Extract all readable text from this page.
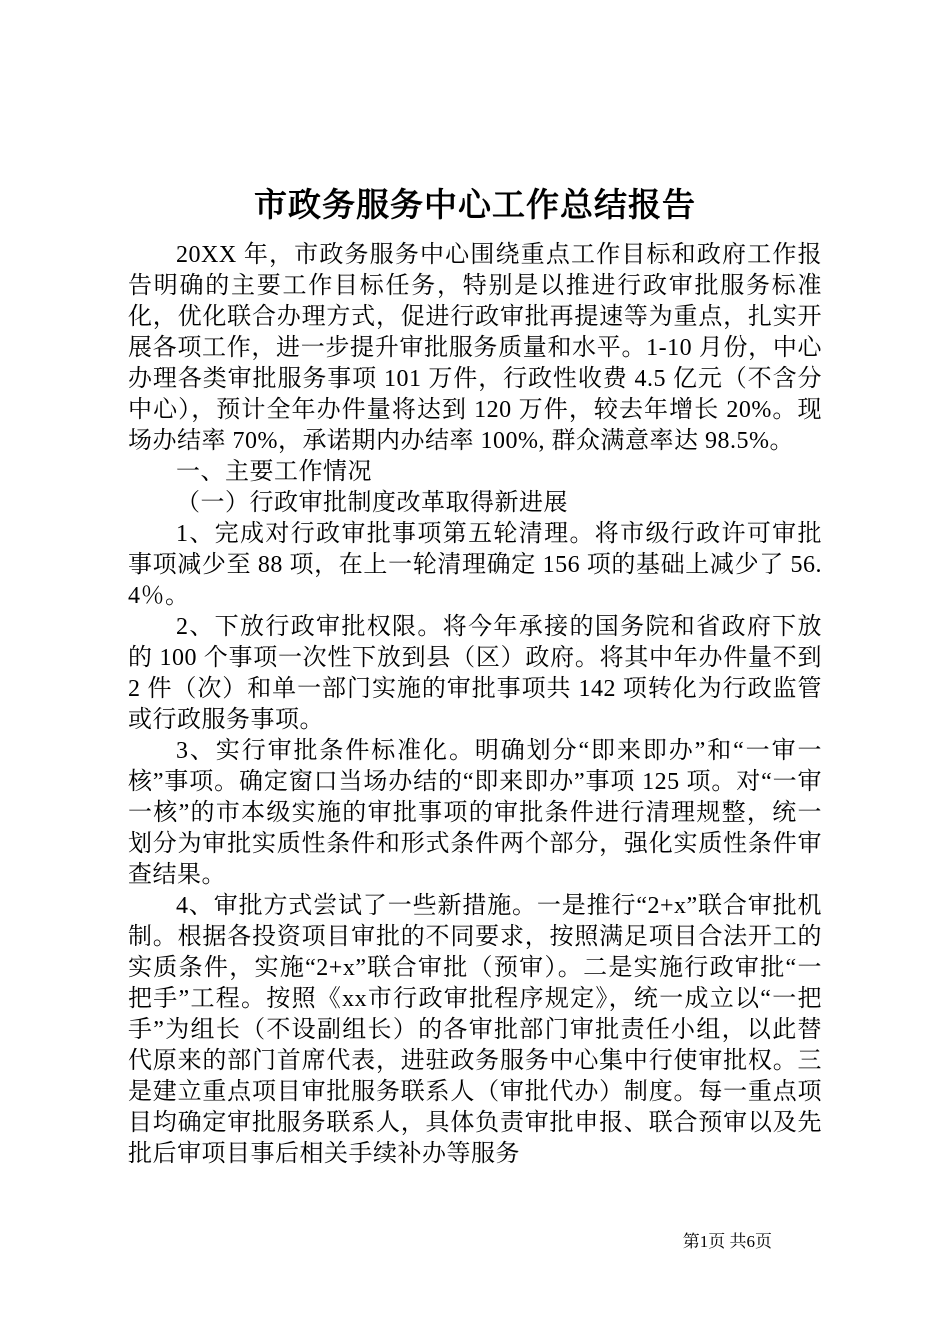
市政务服务中心工作总结报告

20XX 年，市政务服务中心围绕重点工作目标和政府工作报告明确的主要工作目标任务，特别是以推进行政审批服务标准化，优化联合办理方式，促进行政审批再提速等为重点，扎实开展各项工作，进一步提升审批服务质量和水平。1-10 月份，中心办理各类审批服务事项 101 万件，行政性收费 4.5 亿元（不含分中心），预计全年办件量将达到 120 万件，较去年增长 20%。现场办结率 70%，承诺期内办结率 100%, 群众满意率达 98.5%。

一、主要工作情况

（一）行政审批制度改革取得新进展

1、完成对行政审批事项第五轮清理。将市级行政许可审批事项减少至 88 项，在上一轮清理确定 156 项的基础上减少了 56.4％。

2、下放行政审批权限。将今年承接的国务院和省政府下放的 100 个事项一次性下放到县（区）政府。将其中年办件量不到 2 件（次）和单一部门实施的审批事项共 142 项转化为行政监管或行政服务事项。

3、实行审批条件标准化。明确划分“即来即办”和“一审一核”事项。确定窗口当场办结的“即来即办”事项 125 项。对“一审一核”的市本级实施的审批事项的审批条件进行清理规整，统一划分为审批实质性条件和形式条件两个部分，强化实质性条件审查结果。

4、审批方式尝试了一些新措施。一是推行“2+x”联合审批机制。根据各投资项目审批的不同要求，按照满足项目合法开工的实质条件，实施“2+x”联合审批（预审）。二是实施行政审批“一把手”工程。按照《xx市行政审批程序规定》，统一成立以“一把手”为组长（不设副组长）的各审批部门审批责任小组，以此替代原来的部门首席代表，进驻政务服务中心集中行使审批权。三是建立重点项目审批服务联系人（审批代办）制度。每一重点项目均确定审批服务联系人，具体负责审批申报、联合预审以及先批后审项目事后相关手续补办等服务

第1页 共6页
